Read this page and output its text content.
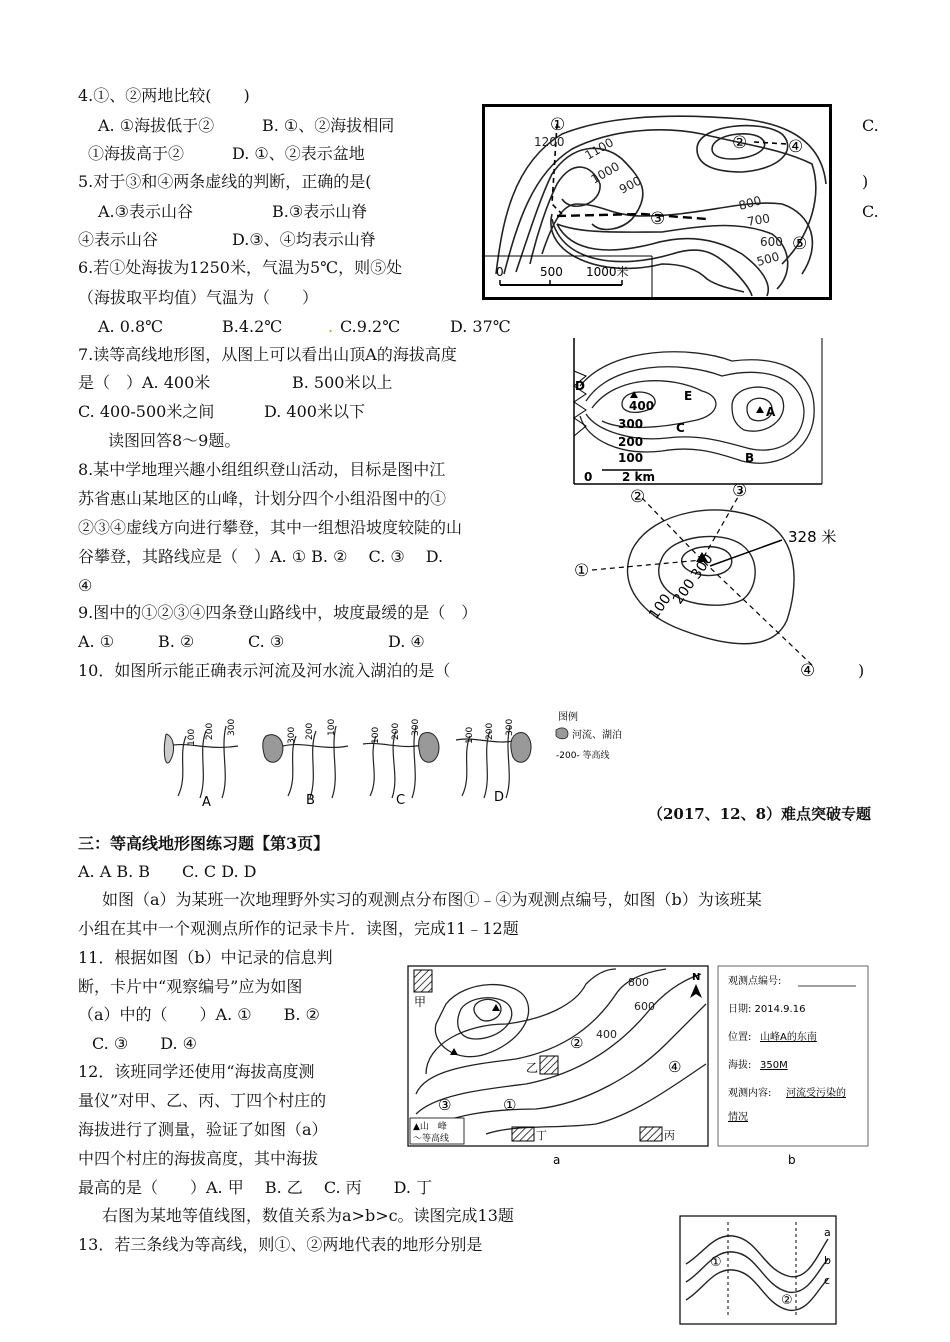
4.①、②两地比较(　　)
A. ①海拔低于②	B. ①、②海拔相同	C.
①海拔高于②	D. ①、②表示盆地
5.对于③和④两条虚线的判断，正确的是(	)
A.③表示山谷	B.③表示山脊	C.
④表示山谷	D.③、④均表示山脊
6.若①处海拔为1250米，气温为5℃，则⑤处
（海拔取平均值）气温为（　　）
A. 0.8℃	B.4.2℃	. C.9.2℃	D. 37℃
7.读等高线地形图，从图上可以看出山顶A的海拔高度
是（　）A. 400米	B. 500米以上
C. 400-500米之间	D. 400米以下
读图回答8～9题。
8.某中学地理兴趣小组组织登山活动，目标是图中江
苏省惠山某地区的山峰，计划分四个小组沿图中的①
②③④虚线方向进行攀登，其中一组想沿坡度较陡的山
谷攀登，其路线应是（　）A. ① B. ②　 C. ③　 D.
④
9.图中的①②③④四条登山路线中，坡度最缓的是（　）
A. ①	B. ②	C. ③	D. ④
10．如图所示能正确表示河流及河水流入湖泊的是（	)
1200 1100
1000
900
800
700
600
500
①
②
③
④
⑤
0	500 1000米
400
300
200
100
D
E
C
B
A
0 2 km
328 米
300
200
100
①
②	③
④
100 200 300	300 200 100	100 200 300	100 200 300
A	B	C	D
图例
河流、湖泊
-200- 等高线
（2017、12、8）难点突破专题
三：等高线地形图练习题【第3页】
A. A B. B　　C. C D. D
如图（a）为某班一次地理野外实习的观测点分布图①﹣④为观测点编号，如图（b）为该班某
小组在其中一个观测点所作的记录卡片．读图，完成11﹣12题
11．根据如图（b）中记录的信息判
断，卡片中“观察编号”应为如图
（a）中的（　　）A. ①　　B. ②
C. ③　　D. ④
12．该班同学还使用“海拔高度测
量仪”对甲、乙、丙、丁四个村庄的
海拔进行了测量，验证了如图（a）
中四个村庄的海拔高度，其中海拔
最高的是（　　）A. 甲　 B. 乙　 C. 丙　　D. 丁
右图为某地等值线图，数值关系为a>b>c。读图完成13题
13．若三条线为等高线，则①、②两地代表的地形分别是
800
600
400
①
②
③
④
甲
乙
丙
丁
N
▲山　峰
～等高线
a
观测点编号:
日期: 2014.9.16
位置: 山峰A的东南
海拔: 350M
观测内容: 河流受污染的
情况
b
①
②
a
b
c
